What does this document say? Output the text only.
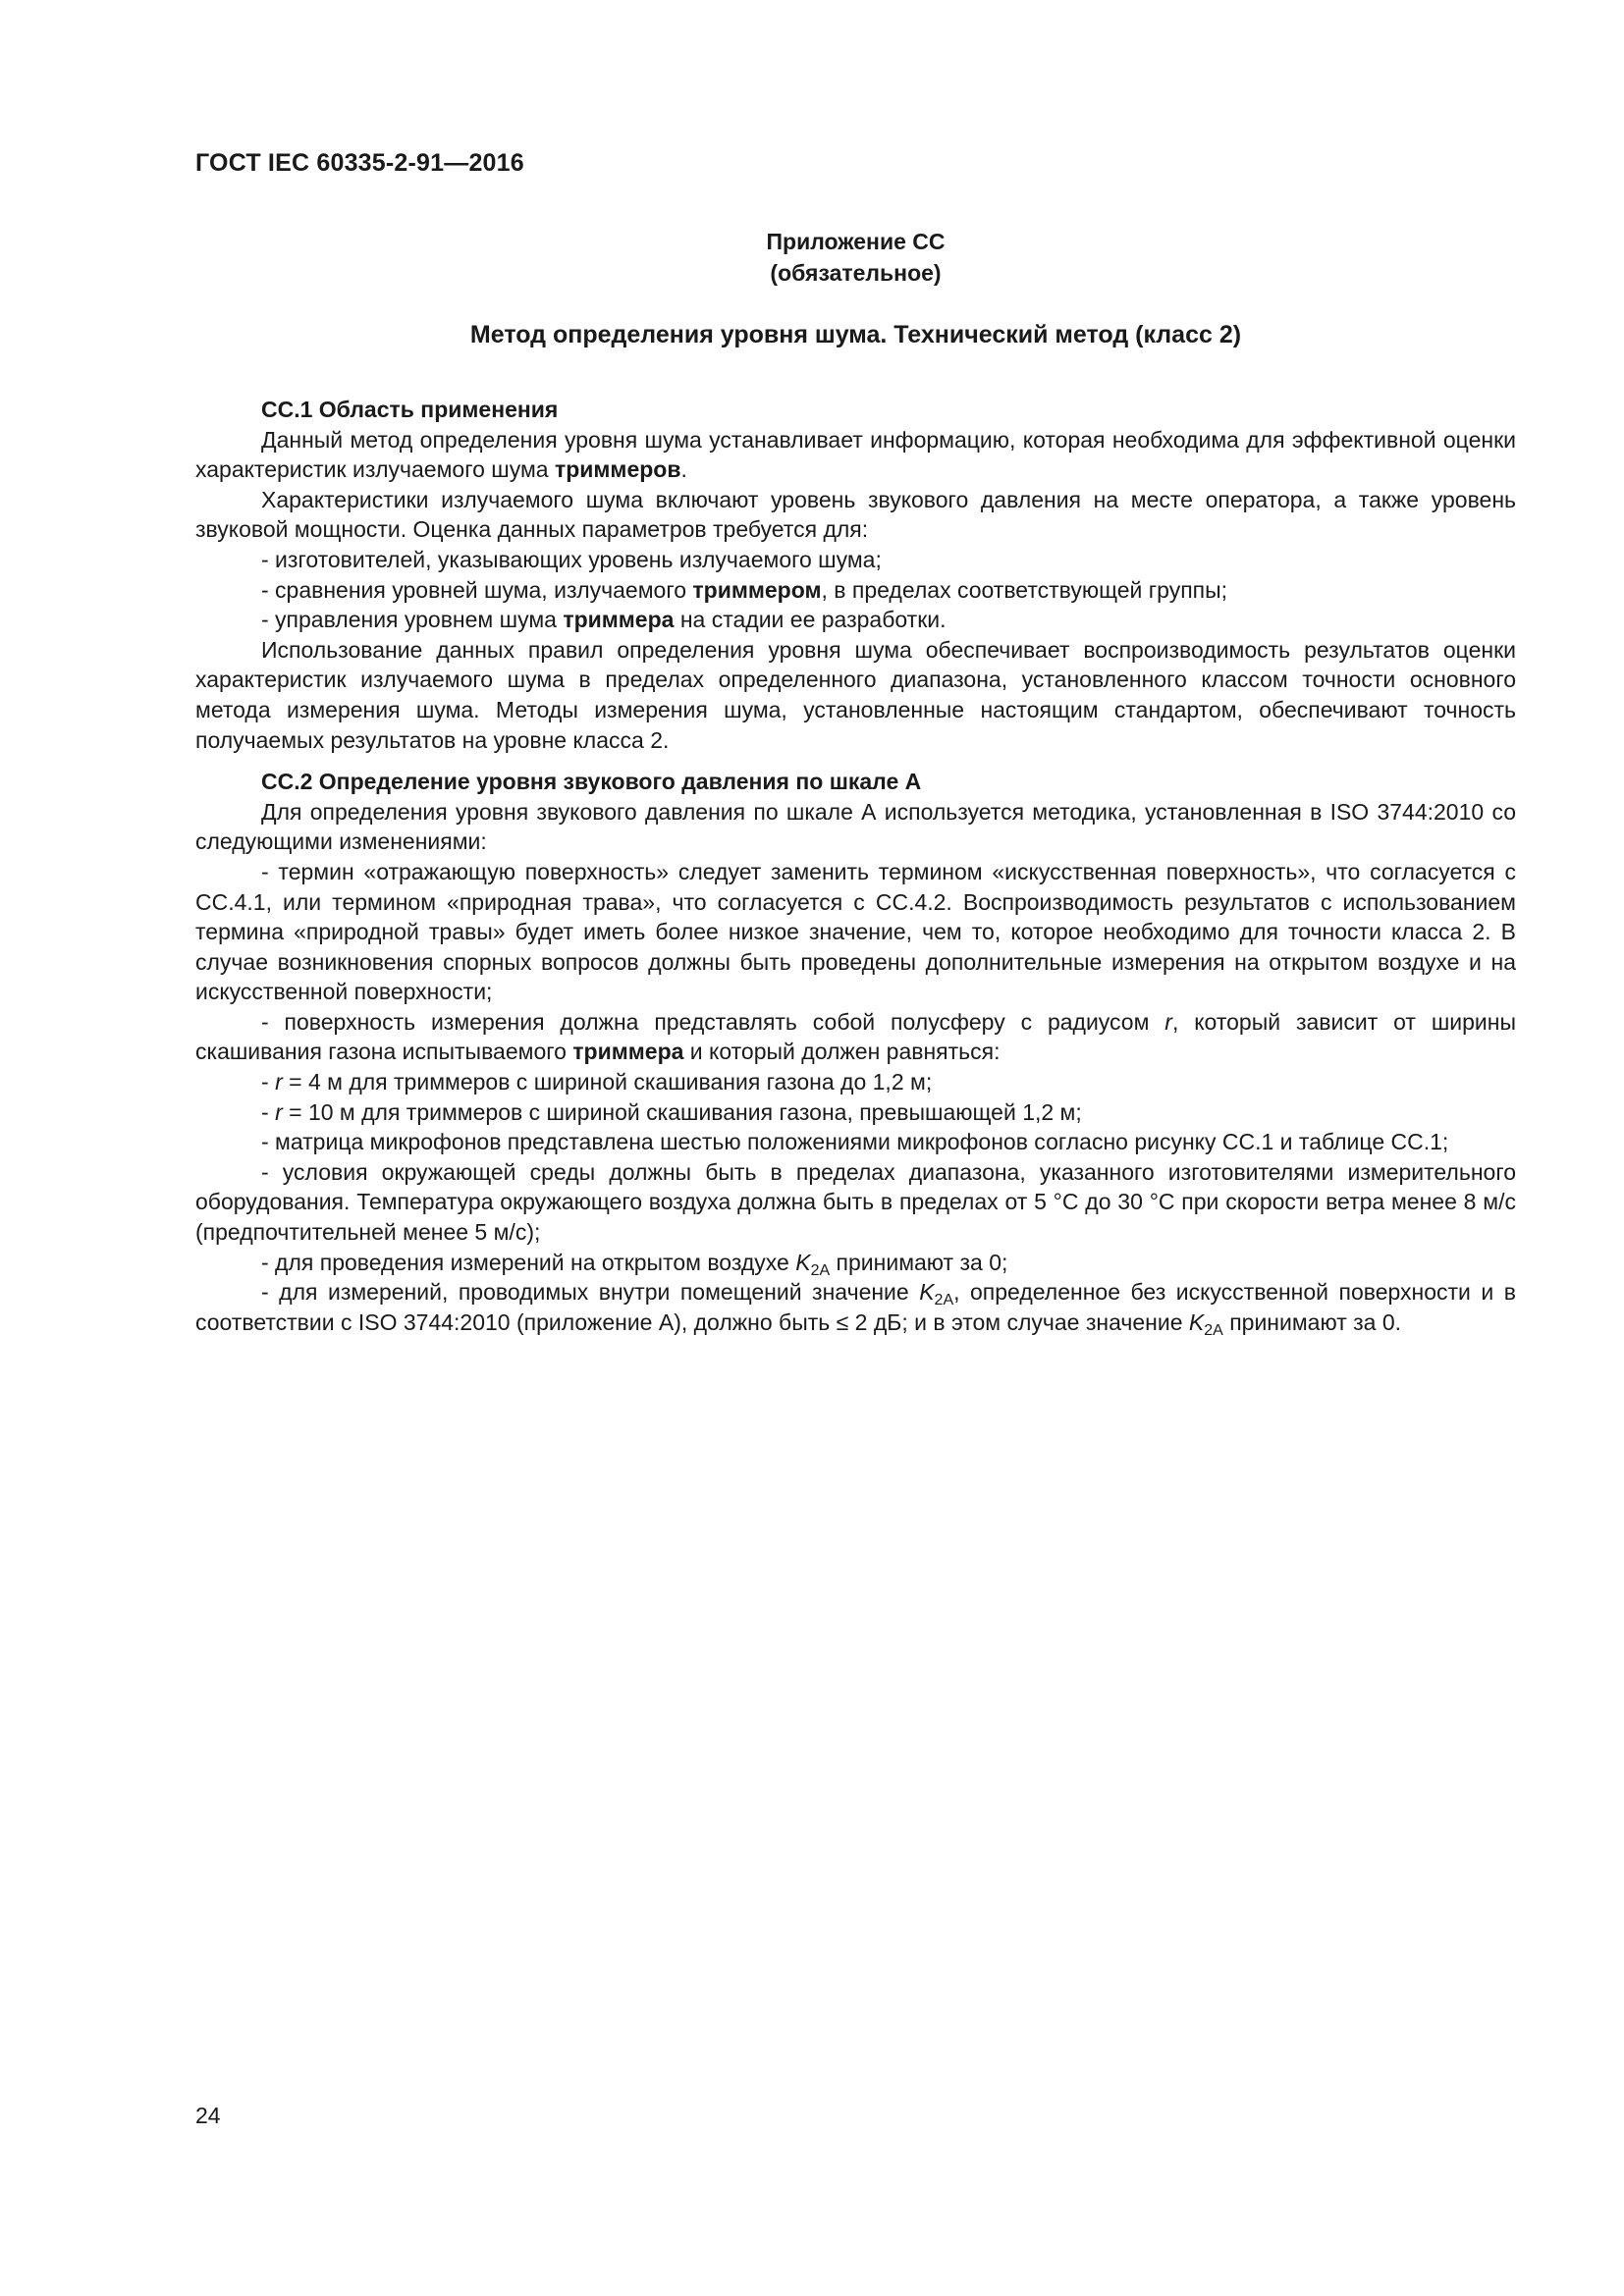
ГОСТ IEC 60335-2-91—2016

Приложение СС

(обязательное)

Метод определения уровня шума. Технический метод (класс 2)

СС.1 Область применения

Данный метод определения уровня шума устанавливает информацию, которая необходима для эффективной оценки характеристик излучаемого шума триммеров.

Характеристики излучаемого шума включают уровень звукового давления на месте оператора, а также уровень звуковой мощности. Оценка данных параметров требуется для:

- изготовителей, указывающих уровень излучаемого шума;

- сравнения уровней шума, излучаемого триммером, в пределах соответствующей группы;

- управления уровнем шума триммера на стадии ее разработки.

Использование данных правил определения уровня шума обеспечивает воспроизводимость результатов оценки характеристик излучаемого шума в пределах определенного диапазона, установленного классом точности основного метода измерения шума. Методы измерения шума, установленные настоящим стандартом, обеспечивают точность получаемых результатов на уровне класса 2.

СС.2 Определение уровня звукового давления по шкале А

Для определения уровня звукового давления по шкале А используется методика, установленная в ISO 3744:2010 со следующими изменениями:

- термин «отражающую поверхность» следует заменить термином «искусственная поверхность», что согласуется с СС.4.1, или термином «природная трава», что согласуется с СС.4.2. Воспроизводимость результатов с использованием термина «природной травы» будет иметь более низкое значение, чем то, которое необходимо для точности класса 2. В случае возникновения спорных вопросов должны быть проведены дополнительные измерения на открытом воздухе и на искусственной поверхности;

- поверхность измерения должна представлять собой полусферу с радиусом r, который зависит от ширины скашивания газона испытываемого триммера и который должен равняться:

- r = 4 м для триммеров с шириной скашивания газона до 1,2 м;

- r = 10 м для триммеров с шириной скашивания газона, превышающей 1,2 м;

- матрица микрофонов представлена шестью положениями микрофонов согласно рисунку СС.1 и таблице СС.1;

- условия окружающей среды должны быть в пределах диапазона, указанного изготовителями измерительного оборудования. Температура окружающего воздуха должна быть в пределах от 5 °С до 30 °С при скорости ветра менее 8 м/с (предпочтительней менее 5 м/с);

- для проведения измерений на открытом воздухе $K_{2A}$ принимают за 0;

- для измерений, проводимых внутри помещений значение $K_{2A}$, определенное без искусственной поверхности и в соответствии с ISO 3744:2010 (приложение А), должно быть ≤ 2 дБ; и в этом случае значение $K_{2A}$ принимают за 0.

24
